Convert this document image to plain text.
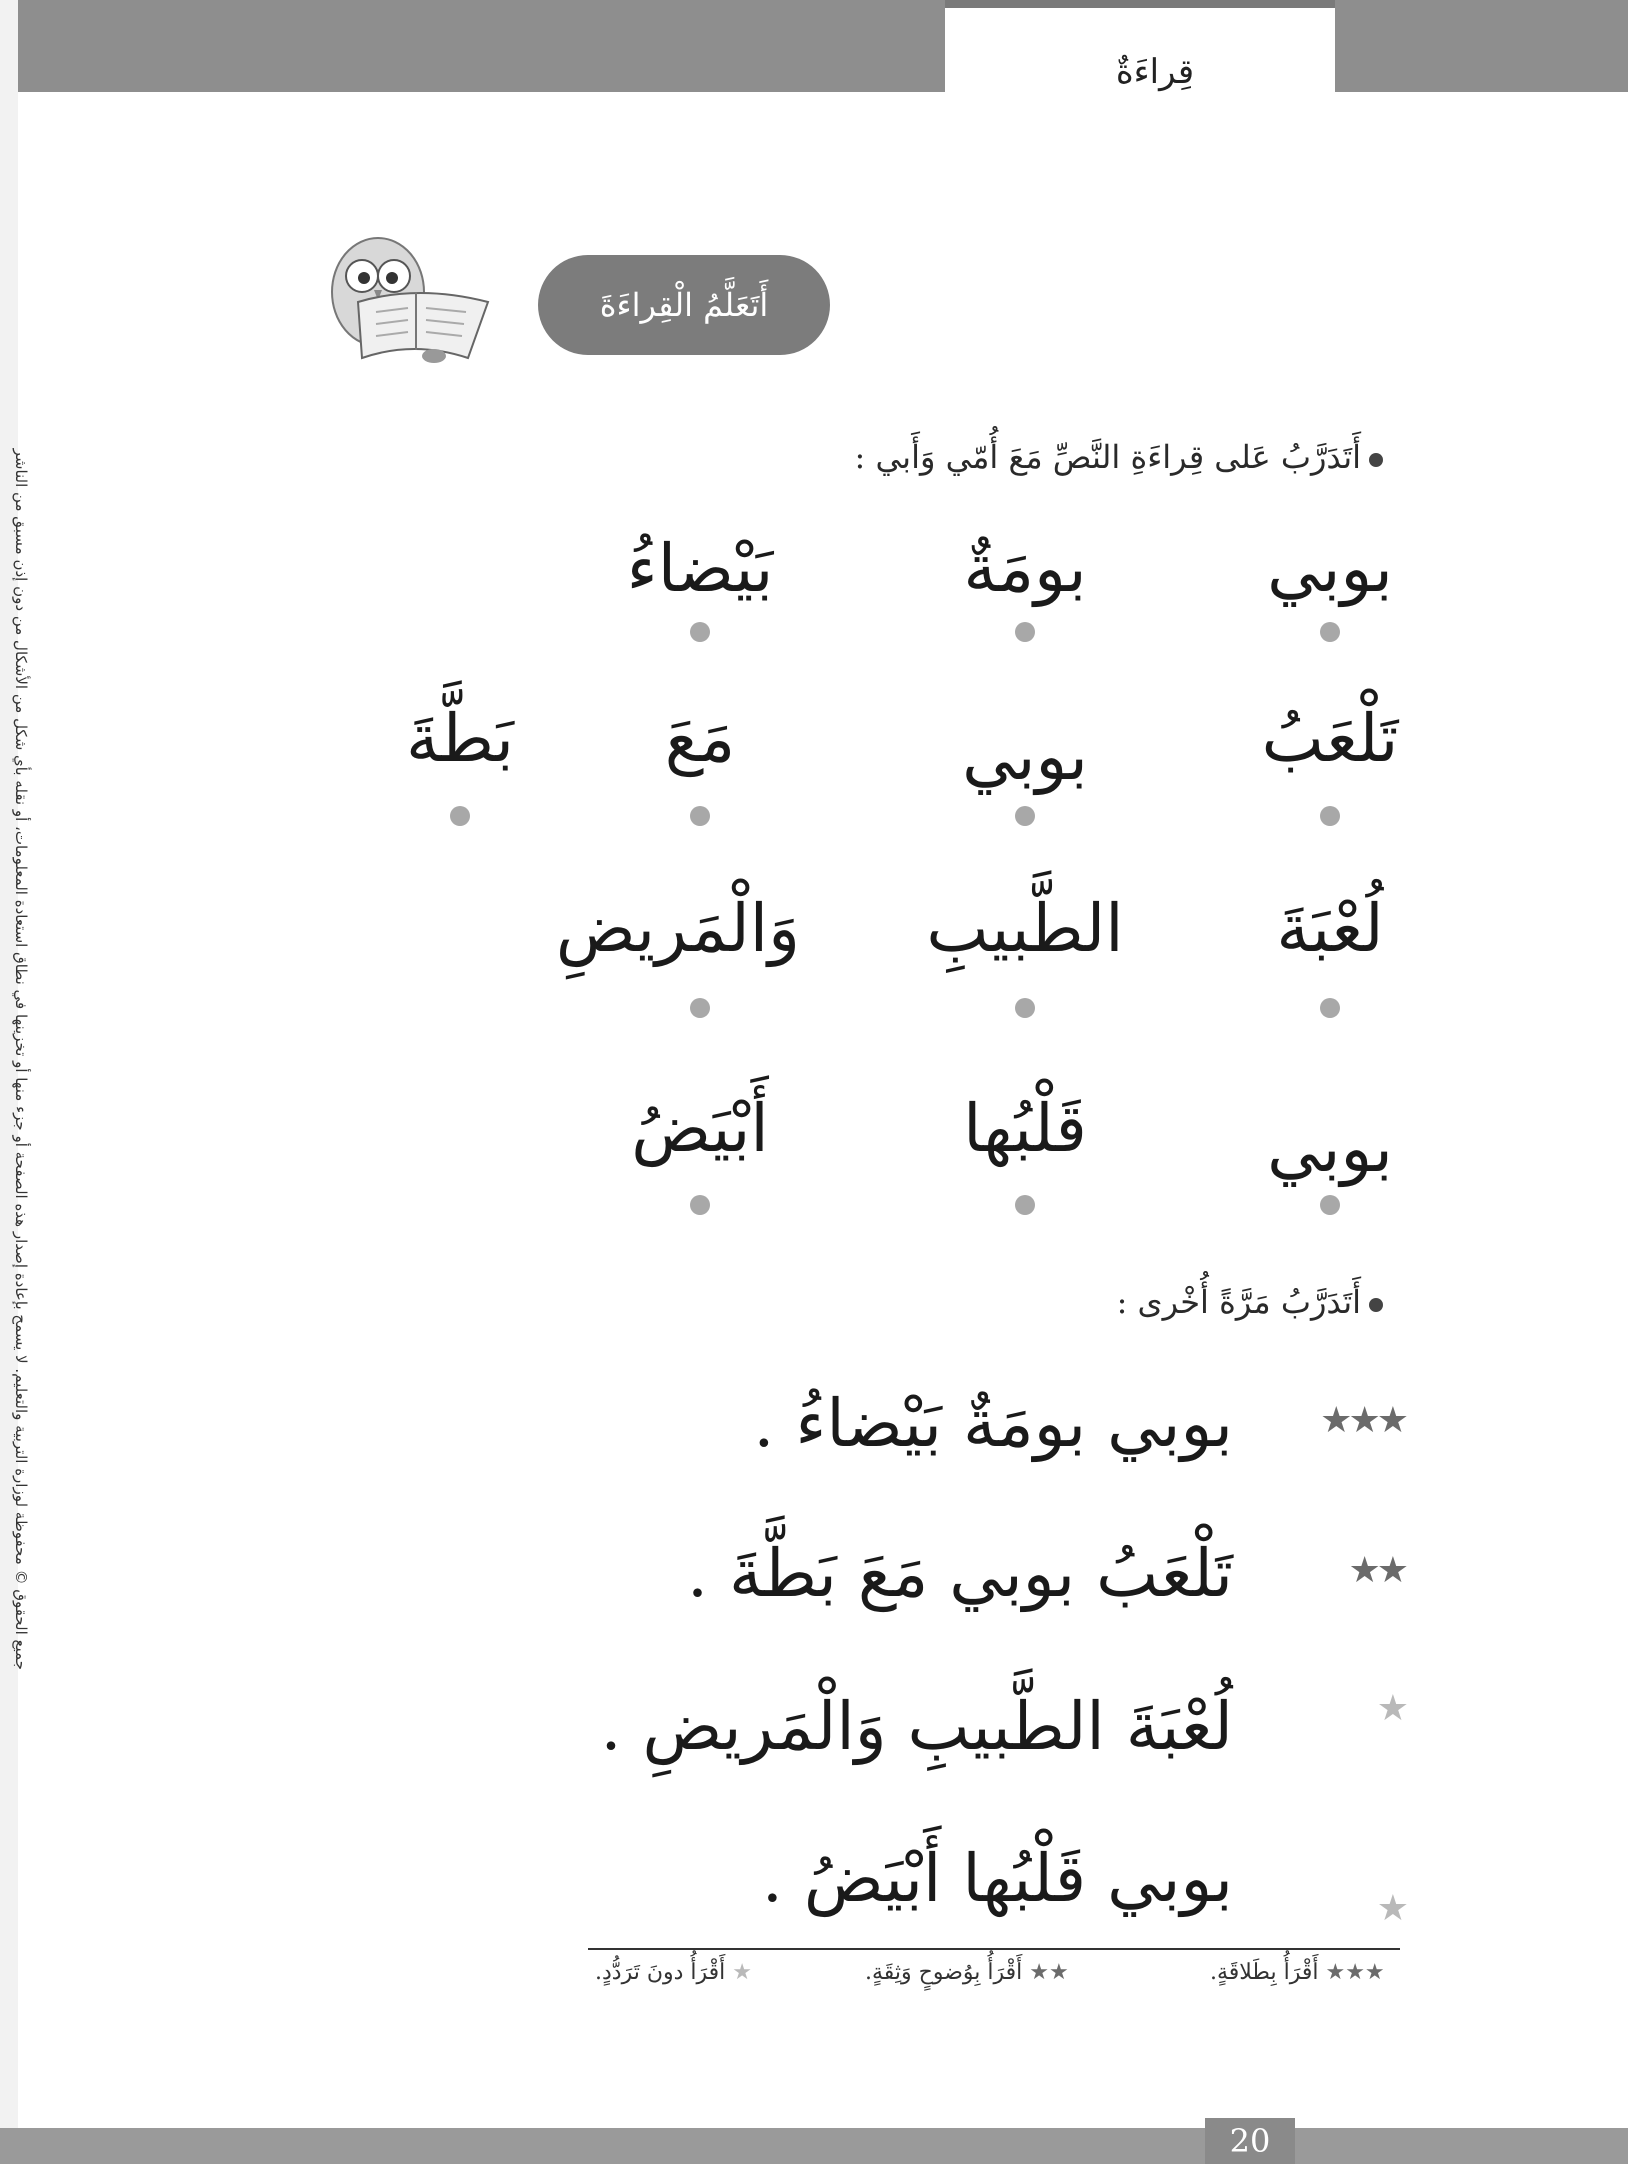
قِراءَةٌ
جميع الحقوق © محفوظة لوزارة التربية والتعليم. لا يسمح بإعادة إصدار هذه الصفحة أو جزء منها أو تخزينها في نطاق استعادة المعلومات، أو نقله بأي شكل من الأشكال من دون إذن مسبق من الناشر
أَتَعَلَّمُ الْقِراءَةَ
أَتَدَرَّبُ عَلى قِراءَةِ النَّصِّ مَعَ أُمّي وَأَبي :
بوبي
بومَةٌ
بَيْضاءُ
تَلْعَبُ
بوبي
مَعَ
بَطَّةَ
لُعْبَةَ
الطَّبيبِ
وَالْمَريضِ
بوبي
قَلْبُها
أَبْيَضُ
أَتَدَرَّبُ مَرَّةً أُخْرى :
★★★
بوبي بومَةٌ بَيْضاءُ .
★★
تَلْعَبُ بوبي مَعَ بَطَّةَ .
★
لُعْبَةَ الطَّبيبِ وَالْمَريضِ .
★
بوبي قَلْبُها أَبْيَضُ .
★★★ أَقْرَأُ بِطَلاقَةٍ.
★★ أَقْرَأُ بِوُضوحٍ وَثِقَةٍ.
★ أَقْرَأُ دونَ تَرَدُّدٍ.
20
